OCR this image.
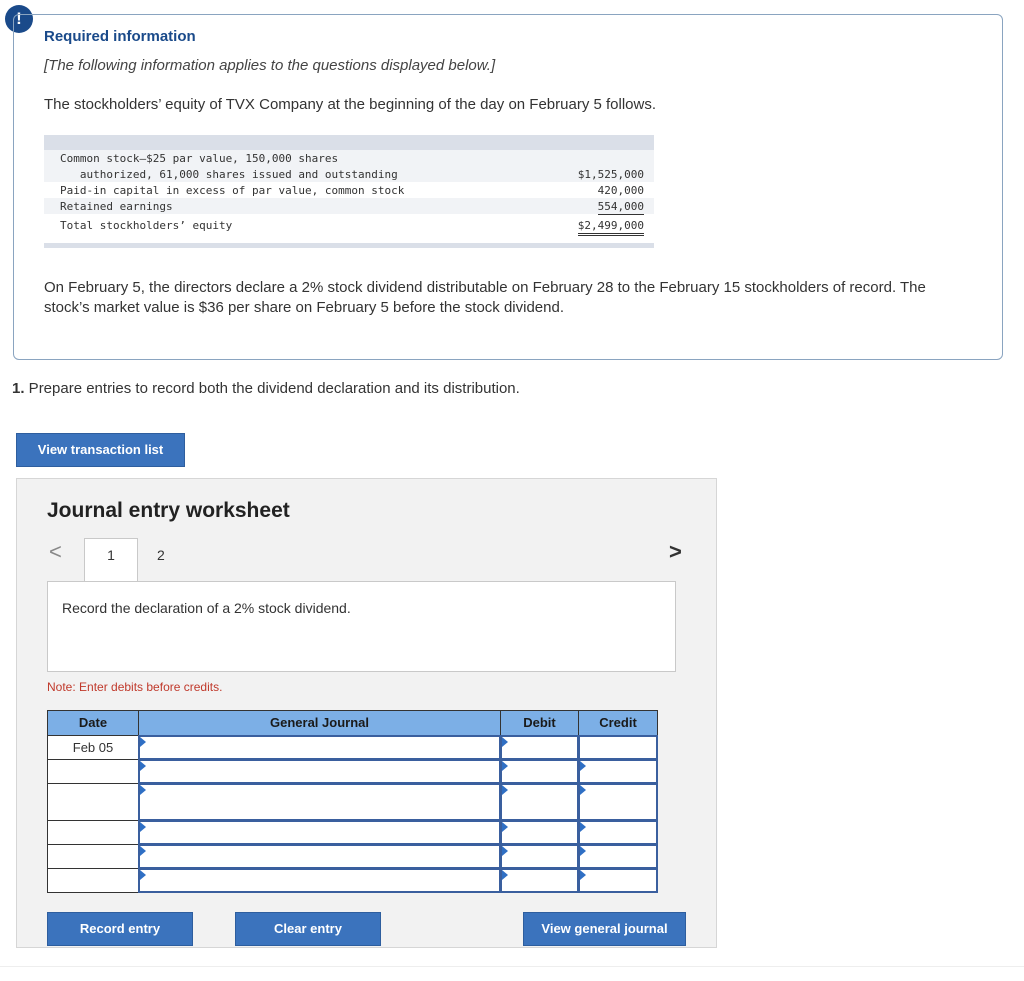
!
Required information
[The following information applies to the questions displayed below.]
The stockholders’ equity of TVX Company at the beginning of the day on February 5 follows.
Common stock—$25 par value, 150,000 shares
authorized, 61,000 shares issued and outstanding	$1,525,000
Paid-in capital in excess of par value, common stock	420,000
Retained earnings	554,000
Total stockholders’ equity	$2,499,000
On February 5, the directors declare a 2% stock dividend distributable on February 28 to the February 15 stockholders of record. The stock’s market value is $36 per share on February 5 before the stock dividend.
1. Prepare entries to record both the dividend declaration and its distribution.
View transaction list
Journal entry worksheet
<	1	2	>
Record the declaration of a 2% stock dividend.
Note: Enter debits before credits.
Date	General Journal	Debit	Credit
Feb 05
Record entry	Clear entry	View general journal
